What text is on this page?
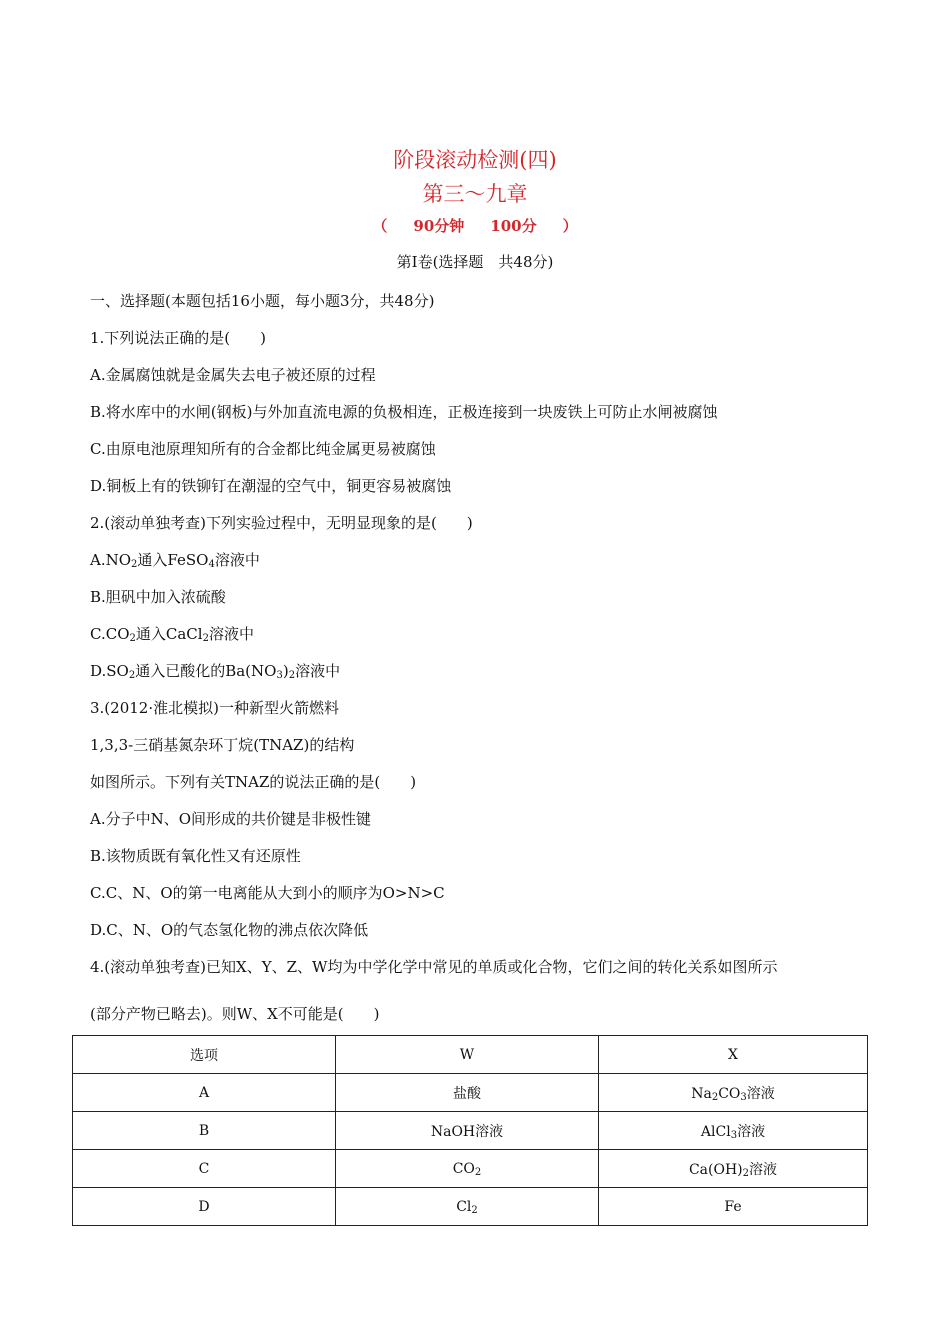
阶段滚动检测(四)
第三～九章
（ 90分钟 100分 ）
第Ⅰ卷(选择题　共48分)
一、选择题(本题包括16小题，每小题3分，共48分)
1.下列说法正确的是(　　)
A.金属腐蚀就是金属失去电子被还原的过程
B.将水库中的水闸(钢板)与外加直流电源的负极相连，正极连接到一块废铁上可防止水闸被腐蚀
C.由原电池原理知所有的合金都比纯金属更易被腐蚀
D.铜板上有的铁铆钉在潮湿的空气中，铜更容易被腐蚀
2.(滚动单独考查)下列实验过程中，无明显现象的是(　　)
$A.NO_2$通入FeSO$_4$溶液中
B.胆矾中加入浓硫酸
$C.CO_2$通入CaCl$_2$溶液中
$D.SO_2$通入已酸化的$Ba(NO_3)_2$溶液中
3.(2012·淮北模拟)一种新型火箭燃料
1,3,3-三硝基氮杂环丁烷(TNAZ)的结构
如图所示。下列有关TNAZ的说法正确的是(　　)
A.分子中N、O间形成的共价键是非极性键
B.该物质既有氧化性又有还原性
C.C、N、O的第一电离能从大到小的顺序为O>N>C
D.C、N、O的气态氢化物的沸点依次降低
4.(滚动单独考查)已知X、Y、Z、W均为中学化学中常见的单质或化合物，它们之间的转化关系如图所示
(部分产物已略去)。则W、X不可能是(　　)
选项	W	X
A	盐酸	$Na_2CO_3$溶液
B	NaOH溶液	AlCl$_3$溶液
C	$CO_2$	$Ca(OH)_2$溶液
D	$Cl_2$	Fe
